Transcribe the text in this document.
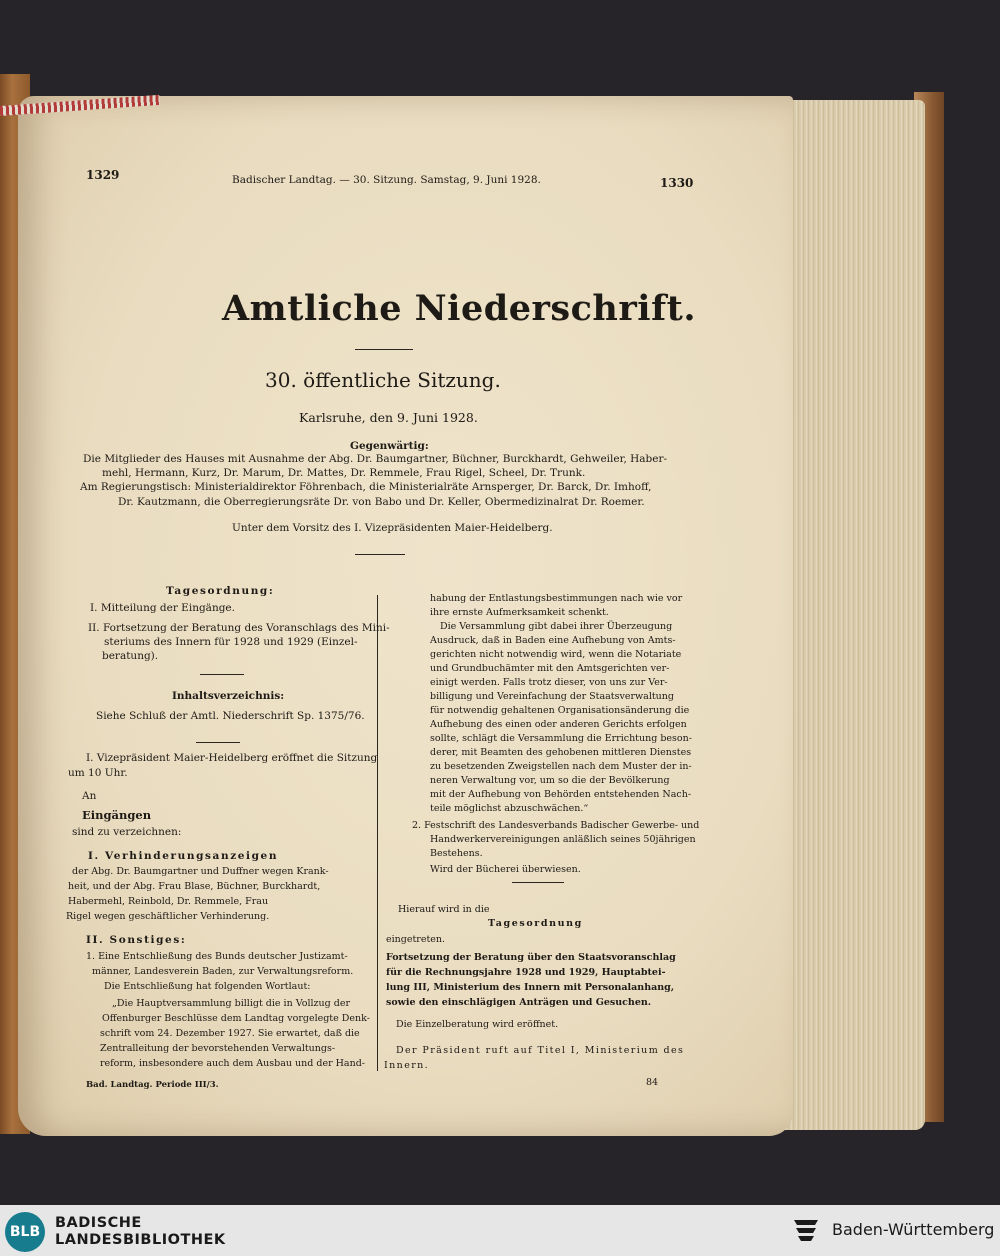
1329	Badischer Landtag. — 30. Sitzung. Samstag, 9. Juni 1928.	1330
Amtliche Niederschrift.
30. öffentliche Sitzung.
Karlsruhe, den 9. Juni 1928.
Gegenwärtig:
Die Mitglieder des Hauses mit Ausnahme der Abg. Dr. Baumgartner, Büchner, Burckhardt, Gehweiler, Haber-
mehl, Hermann, Kurz, Dr. Marum, Dr. Mattes, Dr. Remmele, Frau Rigel, Scheel, Dr. Trunk.
Am Regierungstisch: Ministerialdirektor Föhrenbach, die Ministerialräte Arnsperger, Dr. Barck, Dr. Imhoff,
Dr. Kautzmann, die Oberregierungsräte Dr. von Babo und Dr. Keller, Obermedizinalrat Dr. Roemer.
Unter dem Vorsitz des I. Vizepräsidenten Maier-Heidelberg.
Tagesordnung:
I. Mitteilung der Eingänge.
II. Fortsetzung der Beratung des Voranschlags des Mini-
steriums des Innern für 1928 und 1929 (Einzel-
beratung).
Inhaltsverzeichnis:
Siehe Schluß der Amtl. Niederschrift Sp. 1375/76.
I. Vizepräsident Maier-Heidelberg eröffnet die Sitzung
um 10 Uhr.
An
Eingängen
sind zu verzeichnen:
I. Verhinderungsanzeigen
der Abg. Dr. Baumgartner und Duffner wegen Krank-
heit, und der Abg. Frau Blase, Büchner, Burckhardt,
Habermehl, Reinbold, Dr. Remmele, Frau
Rigel wegen geschäftlicher Verhinderung.
II. Sonstiges:
1. Eine Entschließung des Bunds deutscher Justizamt-
männer, Landesverein Baden, zur Verwaltungsreform.
Die Entschließung hat folgenden Wortlaut:
„Die Hauptversammlung billigt die in Vollzug der
Offenburger Beschlüsse dem Landtag vorgelegte Denk-
schrift vom 24. Dezember 1927. Sie erwartet, daß die
Zentralleitung der bevorstehenden Verwaltungs-
reform, insbesondere auch dem Ausbau und der Hand-
Bad. Landtag. Periode III/3.
habung der Entlastungsbestimmungen nach wie vor
ihre ernste Aufmerksamkeit schenkt.
Die Versammlung gibt dabei ihrer Überzeugung
Ausdruck, daß in Baden eine Aufhebung von Amts-
gerichten nicht notwendig wird, wenn die Notariate
und Grundbuchämter mit den Amtsgerichten ver-
einigt werden. Falls trotz dieser, von uns zur Ver-
billigung und Vereinfachung der Staatsverwaltung
für notwendig gehaltenen Organisationsänderung die
Aufhebung des einen oder anderen Gerichts erfolgen
sollte, schlägt die Versammlung die Errichtung beson-
derer, mit Beamten des gehobenen mittleren Dienstes
zu besetzenden Zweigstellen nach dem Muster der in-
neren Verwaltung vor, um so die der Bevölkerung
mit der Aufhebung von Behörden entstehenden Nach-
teile möglichst abzuschwächen.“
2. Festschrift des Landesverbands Badischer Gewerbe- und
Handwerkervereinigungen anläßlich seines 50jährigen
Bestehens.
Wird der Bücherei überwiesen.
Hierauf wird in die
Tagesordnung
eingetreten.
Fortsetzung der Beratung über den Staatsvoranschlag
für die Rechnungsjahre 1928 und 1929, Hauptabtei-
lung III, Ministerium des Innern mit Personalanhang,
sowie den einschlägigen Anträgen und Gesuchen.
Die Einzelberatung wird eröffnet.
Der Präsident ruft auf Titel I, Ministerium des
Innern.
84
BLB
BADISCHE
LANDESBIBLIOTHEK
Baden-Württemberg
